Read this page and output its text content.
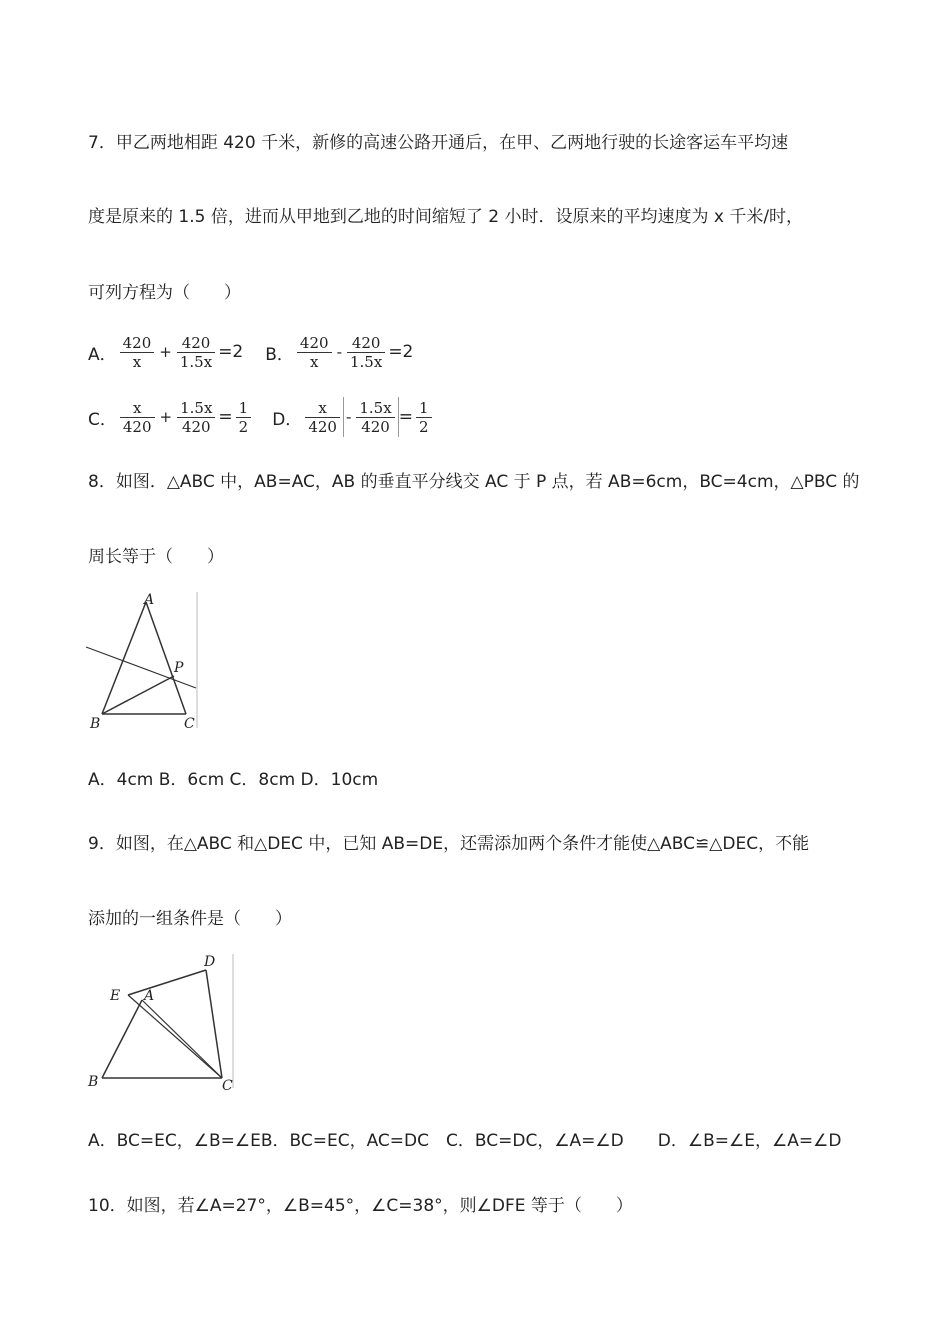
7．甲乙两地相距 420 千米，新修的高速公路开通后，在甲、乙两地行驶的长途客运车平均速
度是原来的 1.5 倍，进而从甲地到乙地的时间缩短了 2 小时．设原来的平均速度为 x 千米/时，
可列方程为（　　）
A． $\frac{420}{x} + \frac{420}{1.5x} =2$ B． $\frac{420}{x} - \frac{420}{1.5x} =2$
C． $\frac{x}{420} + \frac{1.5x}{420} = \frac{1}{2}$ D． $\frac{x}{420} - \frac{1.5x}{420} = \frac{1}{2}$
8．如图．△ABC 中，AB=AC，AB 的垂直平分线交 AC 于 P 点，若 AB=6cm，BC=4cm，△PBC 的
周长等于（　　）
A
B	C
P
A．4cm B．6cm C．8cm D．10cm
9．如图，在△ABC 和△DEC 中，已知 AB=DE，还需添加两个条件才能使△ABC≌△DEC，不能
添加的一组条件是（　　）
D
E A
B	C
A．BC=EC，∠B=∠EB．BC=EC，AC=DC　C．BC=DC，∠A=∠D　　D．∠B=∠E，∠A=∠D
10．如图，若∠A=27°，∠B=45°，∠C=38°，则∠DFE 等于（　　）
